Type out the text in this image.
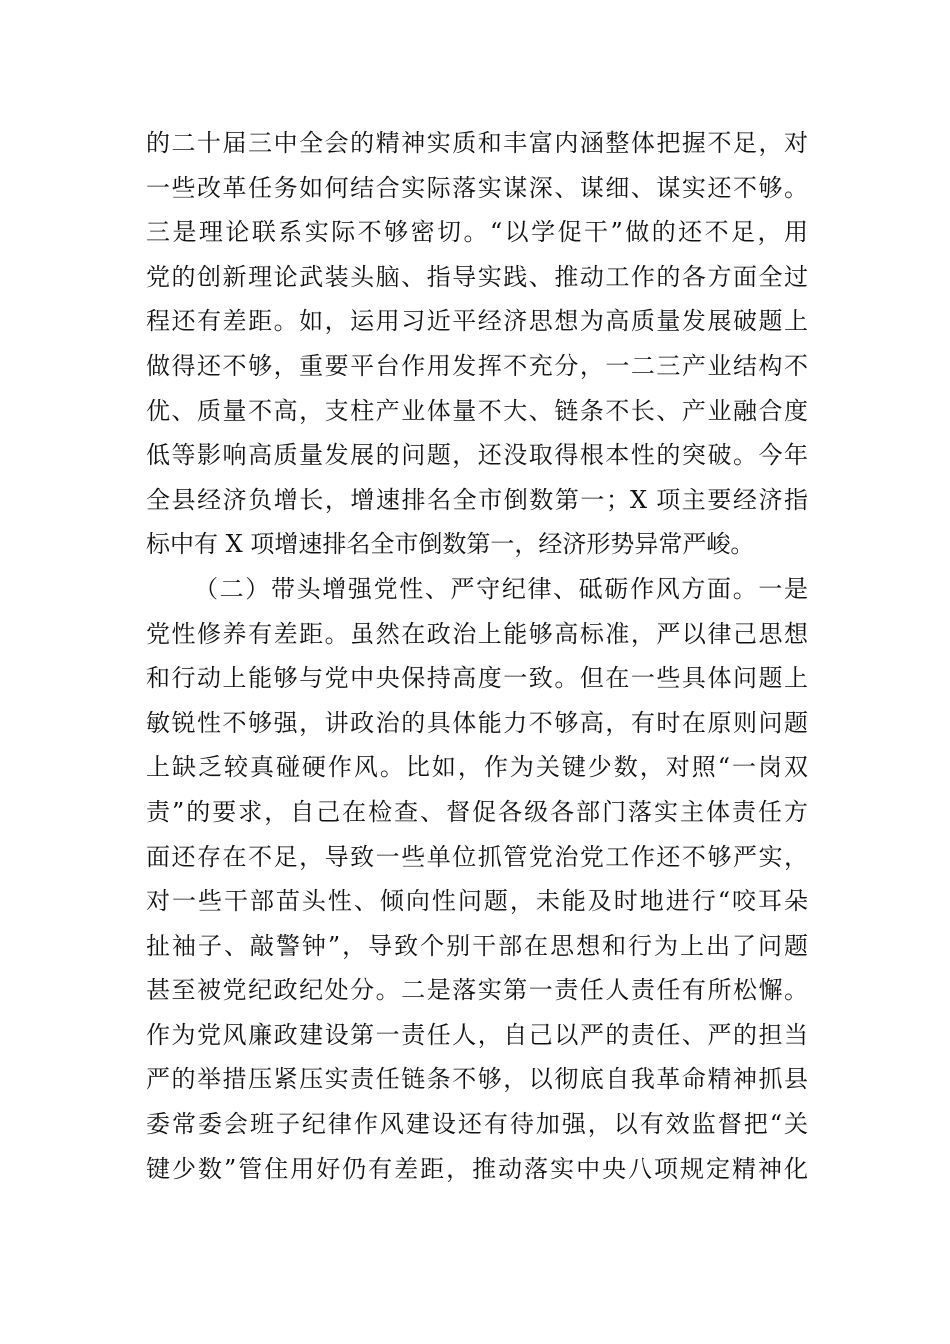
的二十届三中全会的精神实质和丰富内涵整体把握不足，对
一些改革任务如何结合实际落实谋深、谋细、谋实还不够。
三是理论联系实际不够密切。“以学促干”做的还不足，用
党的创新理论武装头脑、指导实践、推动工作的各方面全过
程还有差距。如，运用习近平经济思想为高质量发展破题上
做得还不够，重要平台作用发挥不充分，一二三产业结构不
优、质量不高，支柱产业体量不大、链条不长、产业融合度
低等影响高质量发展的问题，还没取得根本性的突破。今年
全县经济负增长，增速排名全市倒数第一；X 项主要经济指
标中有 X 项增速排名全市倒数第一，经济形势异常严峻。
（二）带头增强党性、严守纪律、砥砺作风方面。一是
党性修养有差距。虽然在政治上能够高标准，严以律己思想
和行动上能够与党中央保持高度一致。但在一些具体问题上
敏锐性不够强，讲政治的具体能力不够高，有时在原则问题
上缺乏较真碰硬作风。比如，作为关键少数，对照“一岗双
责”的要求，自己在检查、督促各级各部门落实主体责任方
面还存在不足，导致一些单位抓管党治党工作还不够严实，
对一些干部苗头性、倾向性问题，未能及时地进行“咬耳朵
扯袖子、敲警钟”，导致个别干部在思想和行为上出了问题
甚至被党纪政纪处分。二是落实第一责任人责任有所松懈。
作为党风廉政建设第一责任人，自己以严的责任、严的担当
严的举措压紧压实责任链条不够，以彻底自我革命精神抓县
委常委会班子纪律作风建设还有待加强，以有效监督把“关
键少数”管住用好仍有差距，推动落实中央八项规定精神化
